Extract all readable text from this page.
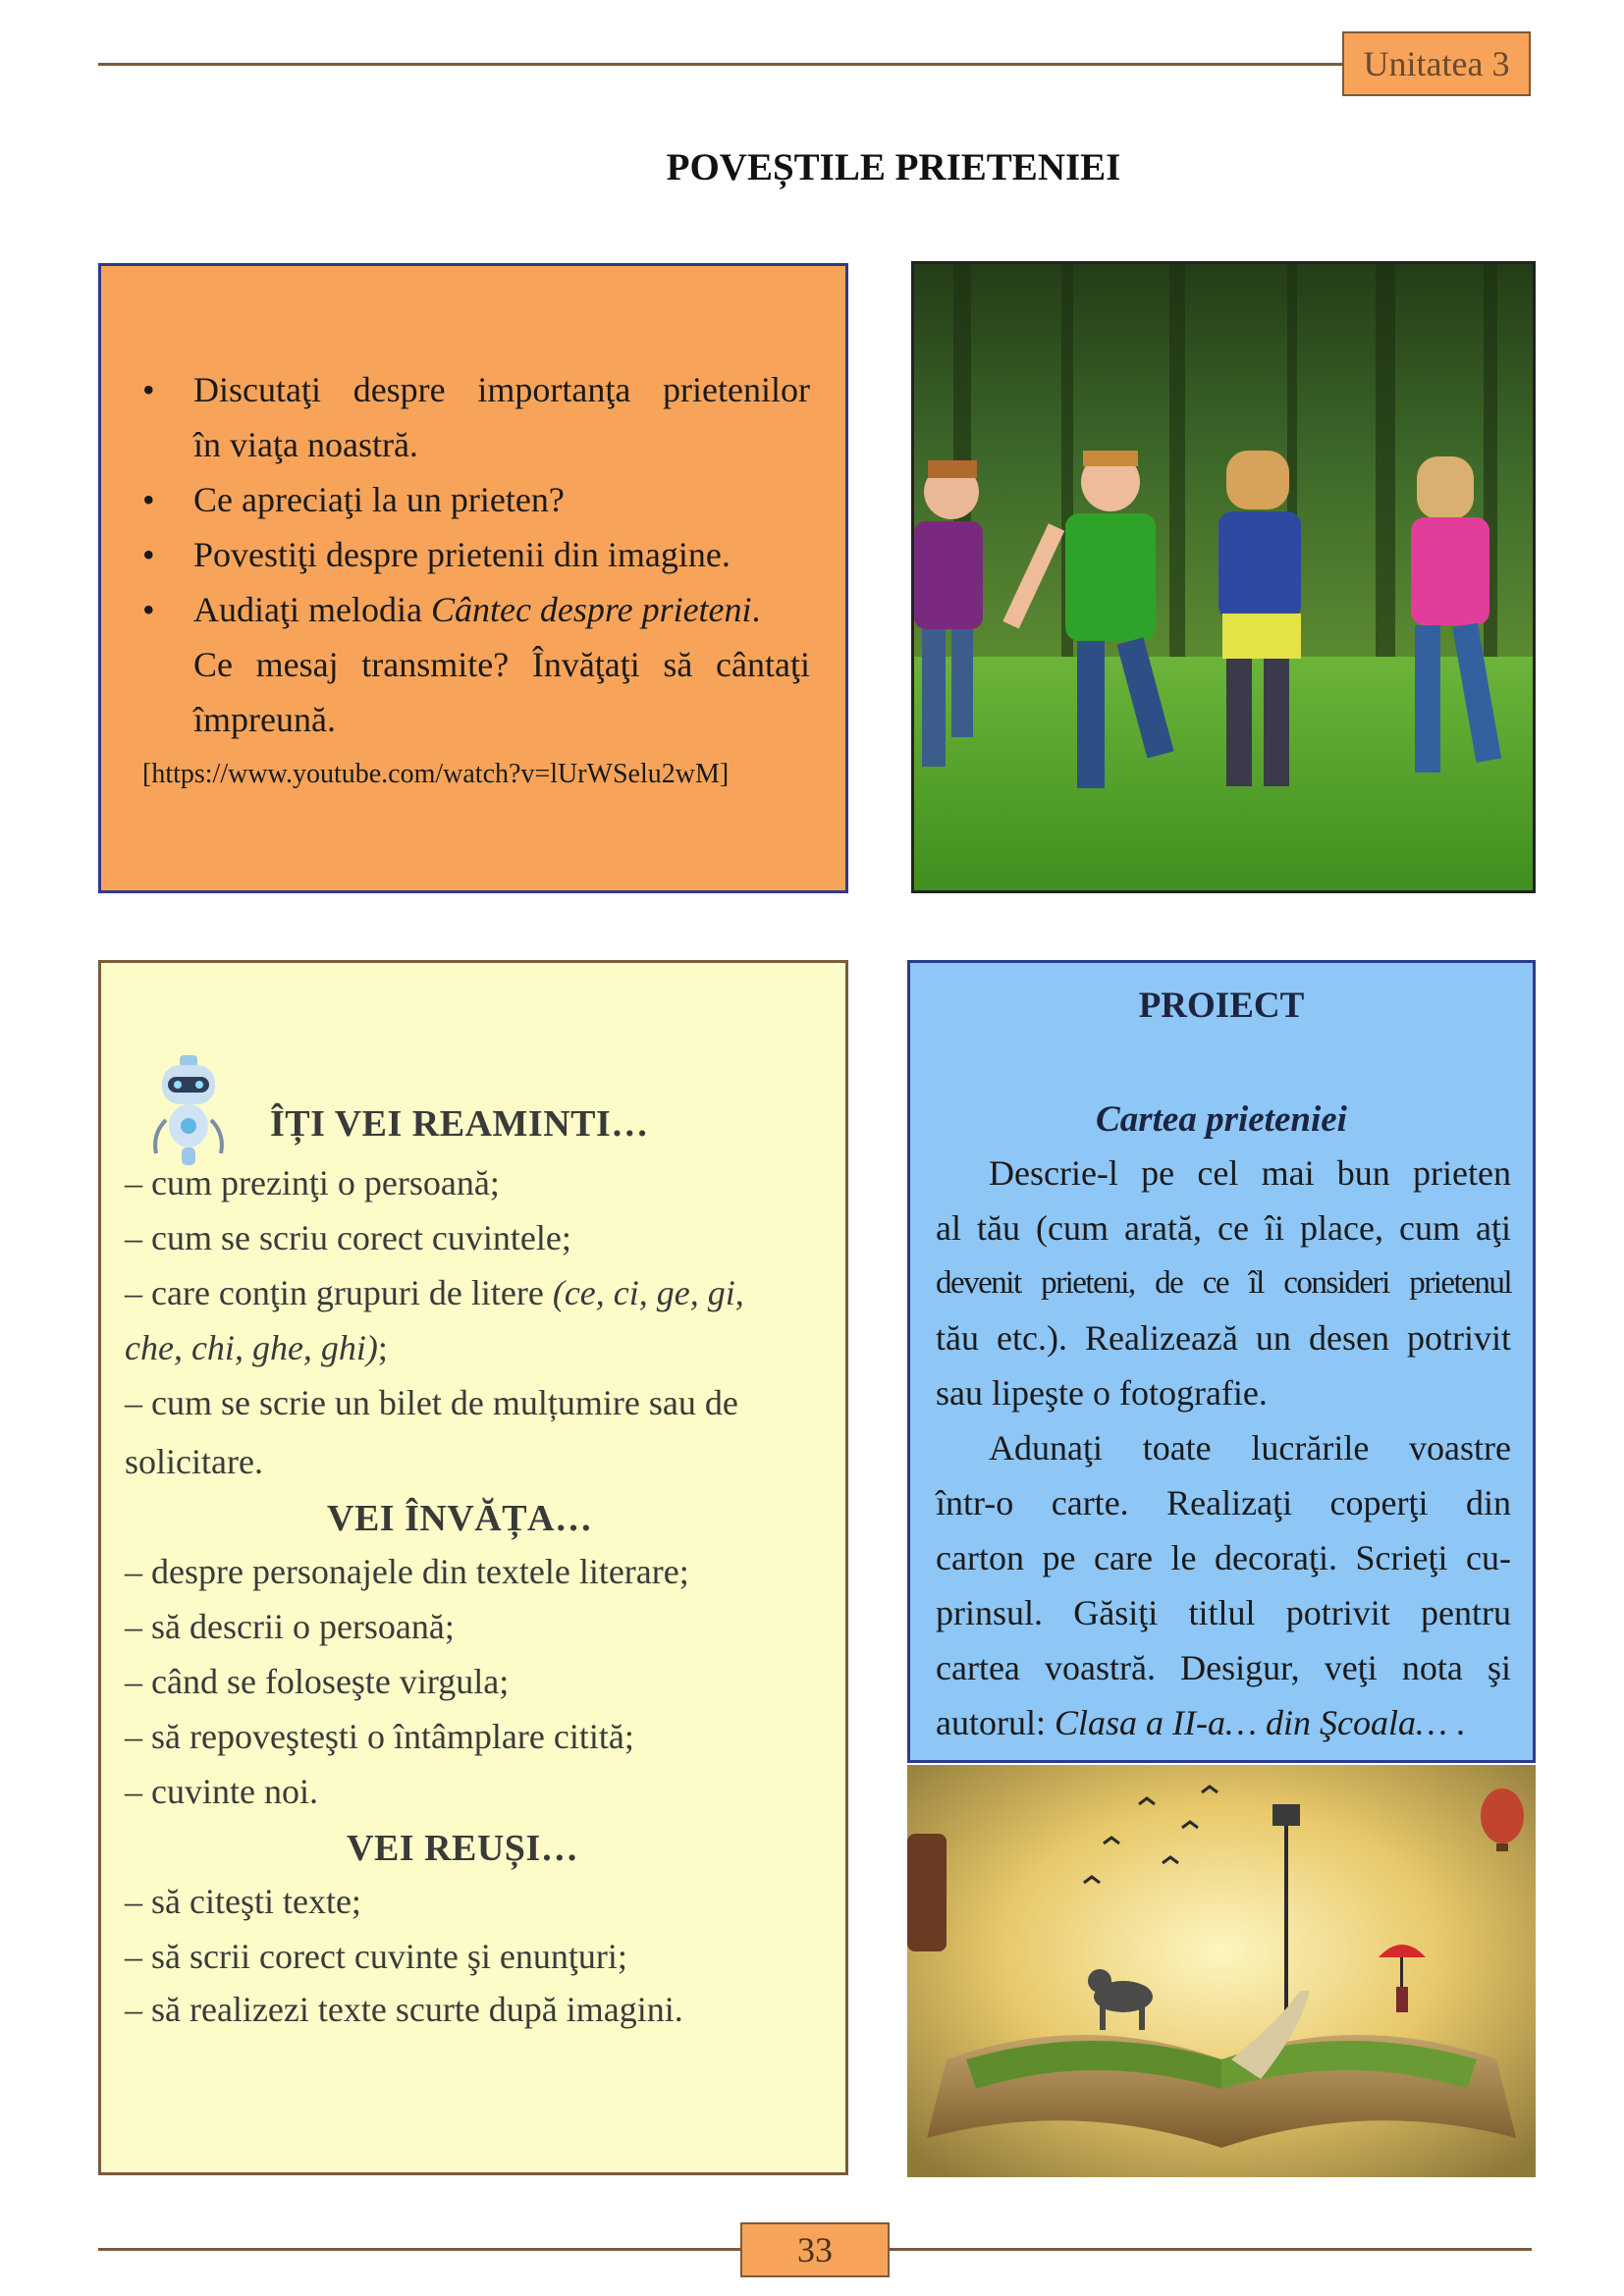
Unitatea 3
POVEȘTILE PRIETENIEI
• Discutaţi despre importanţa prietenilor
în viaţa noastră.
• Ce apreciaţi la un prieten?
• Povestiţi despre prietenii din imagine.
• Audiaţi melodia Cântec despre prieteni.
Ce mesaj transmite? Învăţaţi să cântaţi
împreună.
[https://www.youtube.com/watch?v=lUrWSelu2wM]
ÎȚI VEI REAMINTI…
– cum prezinţi o persoană;
– cum se scriu corect cuvintele;
– care conţin grupuri de litere (ce, ci, ge, gi,
che, chi, ghe, ghi);
– cum se scrie un bilet de mulțumire sau de
solicitare.
VEI ÎNVĂȚA…
– despre personajele din textele literare;
– să descrii o persoană;
– când se foloseşte virgula;
– să repoveşteşti o întâmplare citită;
– cuvinte noi.
VEI REUȘI…
– să citeşti texte;
– să scrii corect cuvinte şi enunţuri;
– să realizezi texte scurte după imagini.
PROIECT
Cartea prieteniei
Descrie-l pe cel mai bun prieten
al tău (cum arată, ce îi place, cum aţi
devenit prieteni, de ce îl consideri prietenul
tău etc.). Realizează un desen potrivit
sau lipeşte o fotografie.
Adunaţi toate lucrările voastre
într-o carte. Realizaţi coperţi din
carton pe care le decoraţi. Scrieţi cu-
prinsul. Găsiţi titlul potrivit pentru
cartea voastră. Desigur, veţi nota şi
autorul: Clasa a II-a… din Şcoala… .
33
